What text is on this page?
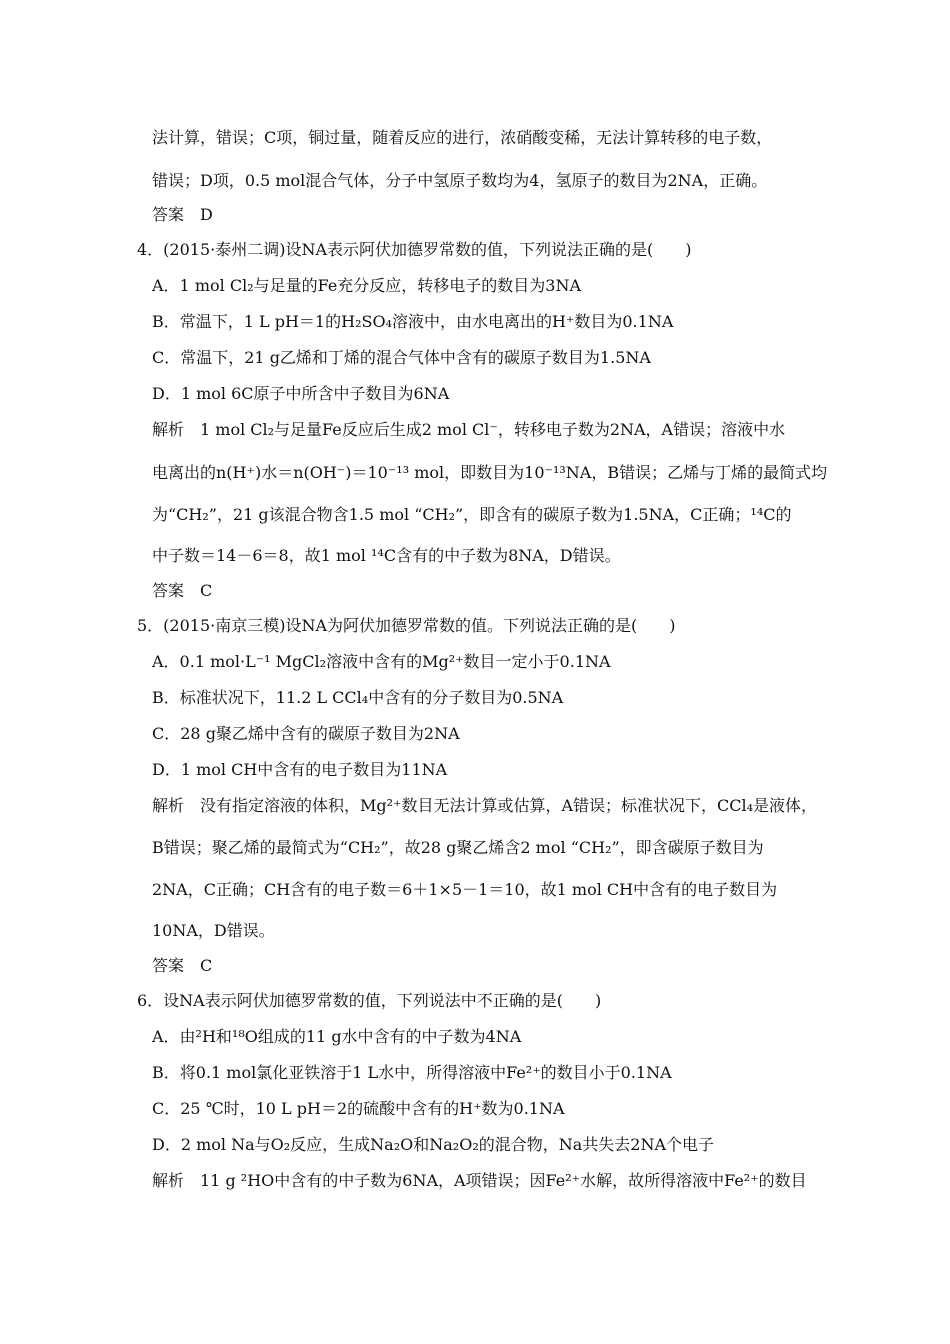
法计算，错误；C项，铜过量，随着反应的进行，浓硝酸变稀，无法计算转移的电子数，
错误；D项，0.5 mol混合气体，分子中氢原子数均为4，氢原子的数目为2NA，正确。
答案　D
4．(2015·泰州二调)设NA表示阿伏加德罗常数的值，下列说法正确的是(　　)
A．1 mol Cl₂与足量的Fe充分反应，转移电子的数目为3NA
B．常温下，1 L pH＝1的H₂SO₄溶液中，由水电离出的H⁺数目为0.1NA
C．常温下，21 g乙烯和丁烯的混合气体中含有的碳原子数目为1.5NA
D．1 mol 6C原子中所含中子数目为6NA
解析　1 mol Cl₂与足量Fe反应后生成2 mol Cl⁻，转移电子数为2NA，A错误；溶液中水
电离出的n(H⁺)水＝n(OH⁻)＝10⁻¹³ mol，即数目为10⁻¹³NA，B错误；乙烯与丁烯的最简式均
为“CH₂”，21 g该混合物含1.5 mol “CH₂”，即含有的碳原子数为1.5NA，C正确；¹⁴C的
中子数＝14－6＝8，故1 mol ¹⁴C含有的中子数为8NA，D错误。
答案　C
5．(2015·南京三模)设NA为阿伏加德罗常数的值。下列说法正确的是(　　)
A．0.1 mol·L⁻¹ MgCl₂溶液中含有的Mg²⁺数目一定小于0.1NA
B．标准状况下，11.2 L CCl₄中含有的分子数目为0.5NA
C．28 g聚乙烯中含有的碳原子数目为2NA
D．1 mol CH中含有的电子数目为11NA
解析　没有指定溶液的体积，Mg²⁺数目无法计算或估算，A错误；标准状况下，CCl₄是液体，
B错误；聚乙烯的最简式为“CH₂”，故28 g聚乙烯含2 mol “CH₂”，即含碳原子数目为
2NA，C正确；CH含有的电子数＝6＋1×5－1＝10，故1 mol CH中含有的电子数目为
10NA，D错误。
答案　C
6．设NA表示阿伏加德罗常数的值，下列说法中不正确的是(　　)
A．由²H和¹⁸O组成的11 g水中含有的中子数为4NA
B．将0.1 mol氯化亚铁溶于1 L水中，所得溶液中Fe²⁺的数目小于0.1NA
C．25 ℃时，10 L pH＝2的硫酸中含有的H⁺数为0.1NA
D．2 mol Na与O₂反应，生成Na₂O和Na₂O₂的混合物，Na共失去2NA个电子
解析　11 g ²HO中含有的中子数为6NA，A项错误；因Fe²⁺水解，故所得溶液中Fe²⁺的数目
